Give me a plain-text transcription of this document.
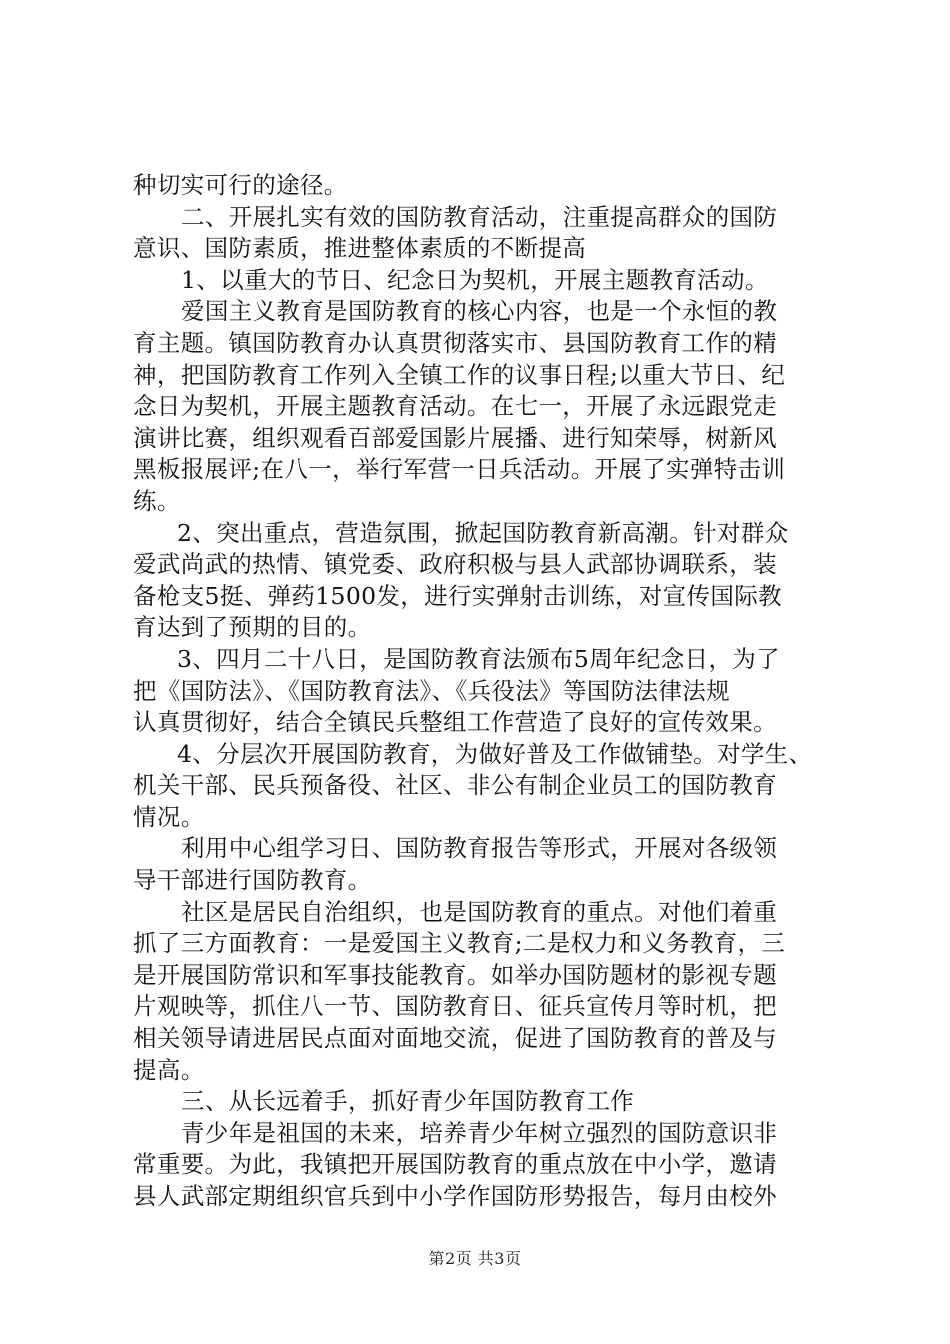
种切实可行的途径。
二、开展扎实有效的国防教育活动，注重提高群众的国防
意识、国防素质，推进整体素质的不断提高
1、以重大的节日、纪念日为契机，开展主题教育活动。
爱国主义教育是国防教育的核心内容，也是一个永恒的教
育主题。镇国防教育办认真贯彻落实市、县国防教育工作的精
神，把国防教育工作列入全镇工作的议事日程;以重大节日、纪
念日为契机，开展主题教育活动。在七一，开展了永远跟党走
演讲比赛，组织观看百部爱国影片展播、进行知荣辱，树新风
黑板报展评;在八一，举行军营一日兵活动。开展了实弹特击训
练。
2、突出重点，营造氛围，掀起国防教育新高潮。针对群众
爱武尚武的热情、镇党委、政府积极与县人武部协调联系，装
备枪支5挺、弹药1500发，进行实弹射击训练，对宣传国际教
育达到了预期的目的。
3、四月二十八日，是国防教育法颁布5周年纪念日，为了
把《国防法》、《国防教育法》、《兵役法》等国防法律法规
认真贯彻好，结合全镇民兵整组工作营造了良好的宣传效果。
4、分层次开展国防教育，为做好普及工作做铺垫。对学生、
机关干部、民兵预备役、社区、非公有制企业员工的国防教育
情况。
利用中心组学习日、国防教育报告等形式，开展对各级领
导干部进行国防教育。
社区是居民自治组织，也是国防教育的重点。对他们着重
抓了三方面教育：一是爱国主义教育;二是权力和义务教育，三
是开展国防常识和军事技能教育。如举办国防题材的影视专题
片观映等，抓住八一节、国防教育日、征兵宣传月等时机，把
相关领导请进居民点面对面地交流，促进了国防教育的普及与
提高。
三、从长远着手，抓好青少年国防教育工作
青少年是祖国的未来，培养青少年树立强烈的国防意识非
常重要。为此，我镇把开展国防教育的重点放在中小学，邀请
县人武部定期组织官兵到中小学作国防形势报告，每月由校外
第2页 共3页
